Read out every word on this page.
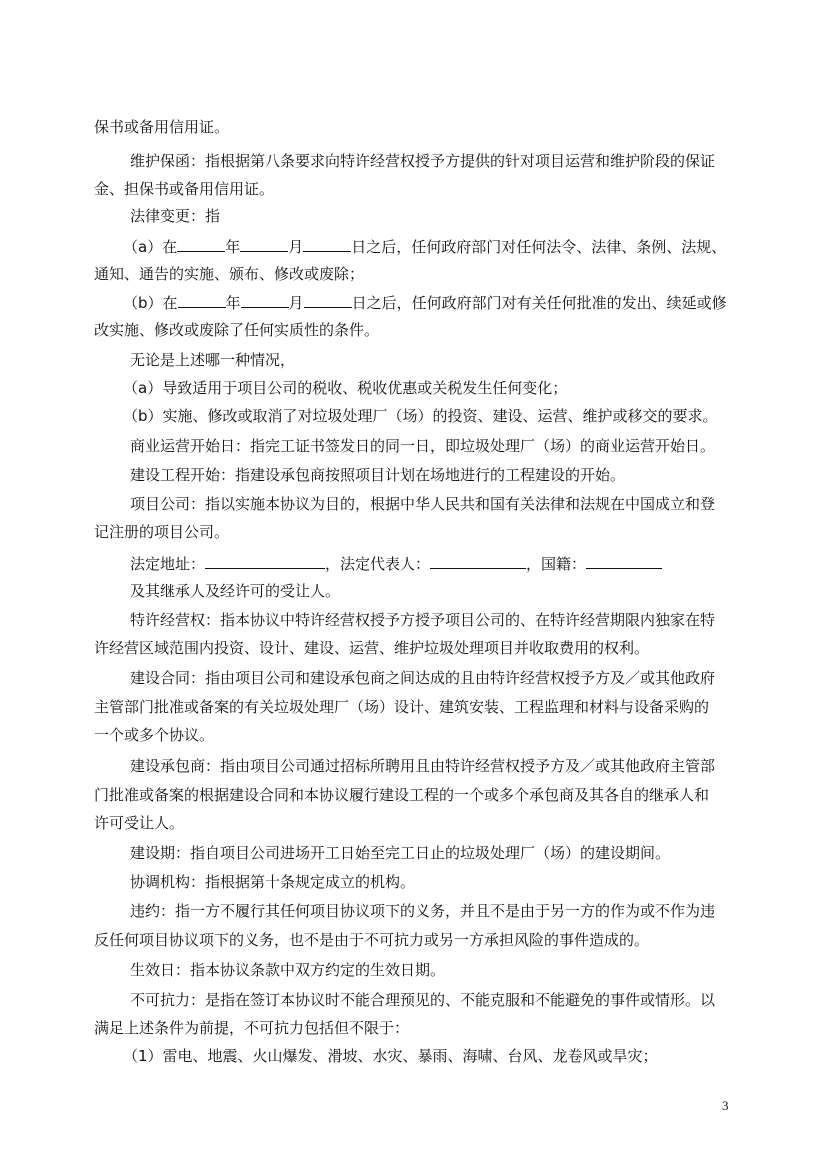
保书或备用信用证。
维护保函：指根据第八条要求向特许经营权授予方提供的针对项目运营和维护阶段的保证
金、担保书或备用信用证。
法律变更：指
（a）在	年	月	日之后，任何政府部门对任何法令、法律、条例、法规、
通知、通告的实施、颁布、修改或废除；
（b）在	年	月	日之后，任何政府部门对有关任何批准的发出、续延或修
改实施、修改或废除了任何实质性的条件。
无论是上述哪一种情况，
（a）导致适用于项目公司的税收、税收优惠或关税发生任何变化；
（b）实施、修改或取消了对垃圾处理厂（场）的投资、建设、运营、维护或移交的要求。
商业运营开始日：指完工证书签发日的同一日，即垃圾处理厂（场）的商业运营开始日。
建设工程开始：指建设承包商按照项目计划在场地进行的工程建设的开始。
项目公司：指以实施本协议为目的，根据中华人民共和国有关法律和法规在中国成立和登
记注册的项目公司。
法定地址：	，法定代表人：	，国籍：
及其继承人及经许可的受让人。
特许经营权：指本协议中特许经营权授予方授予项目公司的、在特许经营期限内独家在特
许经营区域范围内投资、设计、建设、运营、维护垃圾处理项目并收取费用的权利。
建设合同：指由项目公司和建设承包商之间达成的且由特许经营权授予方及／或其他政府
主管部门批准或备案的有关垃圾处理厂（场）设计、建筑安装、工程监理和材料与设备采购的
一个或多个协议。
建设承包商：指由项目公司通过招标所聘用且由特许经营权授予方及／或其他政府主管部
门批准或备案的根据建设合同和本协议履行建设工程的一个或多个承包商及其各自的继承人和
许可受让人。
建设期：指自项目公司进场开工日始至完工日止的垃圾处理厂（场）的建设期间。
协调机构：指根据第十条规定成立的机构。
违约：指一方不履行其任何项目协议项下的义务，并且不是由于另一方的作为或不作为违
反任何项目协议项下的义务，也不是由于不可抗力或另一方承担风险的事件造成的。
生效日：指本协议条款中双方约定的生效日期。
不可抗力：是指在签订本协议时不能合理预见的、不能克服和不能避免的事件或情形。以
满足上述条件为前提，不可抗力包括但不限于：
（1）雷电、地震、火山爆发、滑坡、水灾、暴雨、海啸、台风、龙卷风或旱灾；
3
